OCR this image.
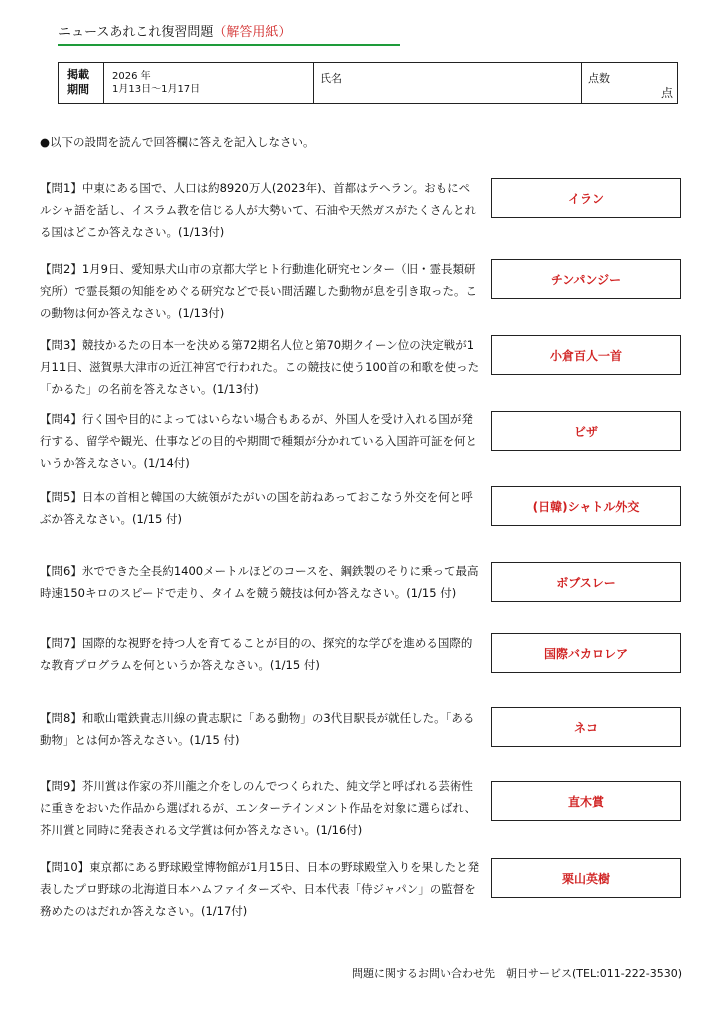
ニュースあれこれ復習問題（解答用紙）
掲載
期間
2026 年
1月13日～1月17日
氏名	点数
点
●以下の設問を読んで回答欄に答えを記入しなさい。
【問1】中東にある国で、人口は約8920万人(2023年)、首都はテヘラン。おもにペルシャ語を話し、イスラム教を信じる人が大勢いて、石油や天然ガスがたくさんとれる国はどこか答えなさい。(1/13付)
イラン
【問2】1月9日、愛知県犬山市の京都大学ヒト行動進化研究センター（旧・霊長類研究所）で霊長類の知能をめぐる研究などで長い間活躍した動物が息を引き取った。この動物は何か答えなさい。(1/13付)
チンパンジー
【問3】競技かるたの日本一を決める第72期名人位と第70期クイーン位の決定戦が1月11日、滋賀県大津市の近江神宮で行われた。この競技に使う100首の和歌を使った「かるた」の名前を答えなさい。(1/13付)
小倉百人一首
【問4】行く国や目的によってはいらない場合もあるが、外国人を受け入れる国が発行する、留学や観光、仕事などの目的や期間で種類が分かれている入国許可証を何というか答えなさい。(1/14付)
ビザ
【問5】日本の首相と韓国の大統領がたがいの国を訪ねあっておこなう外交を何と呼ぶか答えなさい。(1/15 付)
(日韓)シャトル外交
【問6】氷でできた全長約1400メートルほどのコースを、鋼鉄製のそりに乗って最高時速150キロのスピードで走り、タイムを競う競技は何か答えなさい。(1/15 付)
ボブスレー
【問7】国際的な視野を持つ人を育てることが目的の、探究的な学びを進める国際的な教育プログラムを何というか答えなさい。(1/15 付)
国際バカロレア
【問8】和歌山電鉄貴志川線の貴志駅に「ある動物」の3代目駅長が就任した。「ある動物」とは何か答えなさい。(1/15 付)
ネコ
【問9】芥川賞は作家の芥川龍之介をしのんでつくられた、純文学と呼ばれる芸術性に重きをおいた作品から選ばれるが、エンターテインメント作品を対象に選らばれ、芥川賞と同時に発表される文学賞は何か答えなさい。(1/16付)
直木賞
【問10】東京都にある野球殿堂博物館が1月15日、日本の野球殿堂入りを果したと発表したプロ野球の北海道日本ハムファイターズや、日本代表「侍ジャパン」の監督を務めたのはだれか答えなさい。(1/17付)
栗山英樹
問題に関するお問い合わせ先　朝日サービス(TEL:011-222-3530)
